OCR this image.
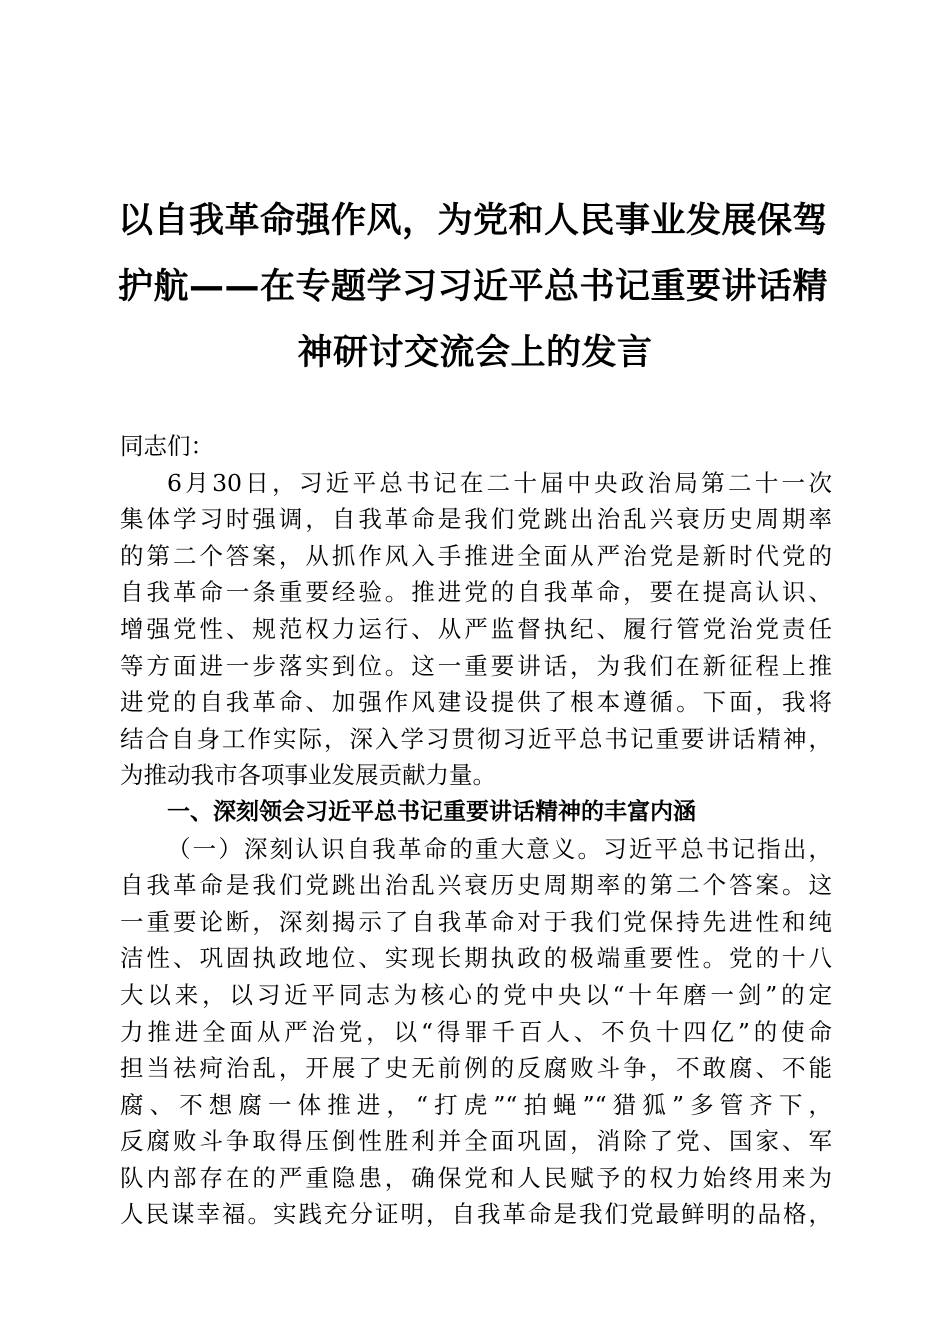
以自我革命强作风，为党和人民事业发展保驾
护航——在专题学习习近平总书记重要讲话精
神研讨交流会上的发言
同志们：
6月30日，习近平总书记在二十届中央政治局第二十一次
集体学习时强调，自我革命是我们党跳出治乱兴衰历史周期率
的第二个答案，从抓作风入手推进全面从严治党是新时代党的
自我革命一条重要经验。推进党的自我革命，要在提高认识、
增强党性、规范权力运行、从严监督执纪、履行管党治党责任
等方面进一步落实到位。这一重要讲话，为我们在新征程上推
进党的自我革命、加强作风建设提供了根本遵循。下面，我将
结合自身工作实际，深入学习贯彻习近平总书记重要讲话精神，
为推动我市各项事业发展贡献力量。
一、深刻领会习近平总书记重要讲话精神的丰富内涵
（一）深刻认识自我革命的重大意义。习近平总书记指出，
自我革命是我们党跳出治乱兴衰历史周期率的第二个答案。这
一重要论断，深刻揭示了自我革命对于我们党保持先进性和纯
洁性、巩固执政地位、实现长期执政的极端重要性。党的十八
大以来，以习近平同志为核心的党中央以“十年磨一剑”的定
力推进全面从严治党，以“得罪千百人、不负十四亿”的使命
担当祛疴治乱，开展了史无前例的反腐败斗争，不敢腐、不能
腐、不想腐一体推进，“打虎”“拍蝇”“猎狐”多管齐下，
反腐败斗争取得压倒性胜利并全面巩固，消除了党、国家、军
队内部存在的严重隐患，确保党和人民赋予的权力始终用来为
人民谋幸福。实践充分证明，自我革命是我们党最鲜明的品格，
